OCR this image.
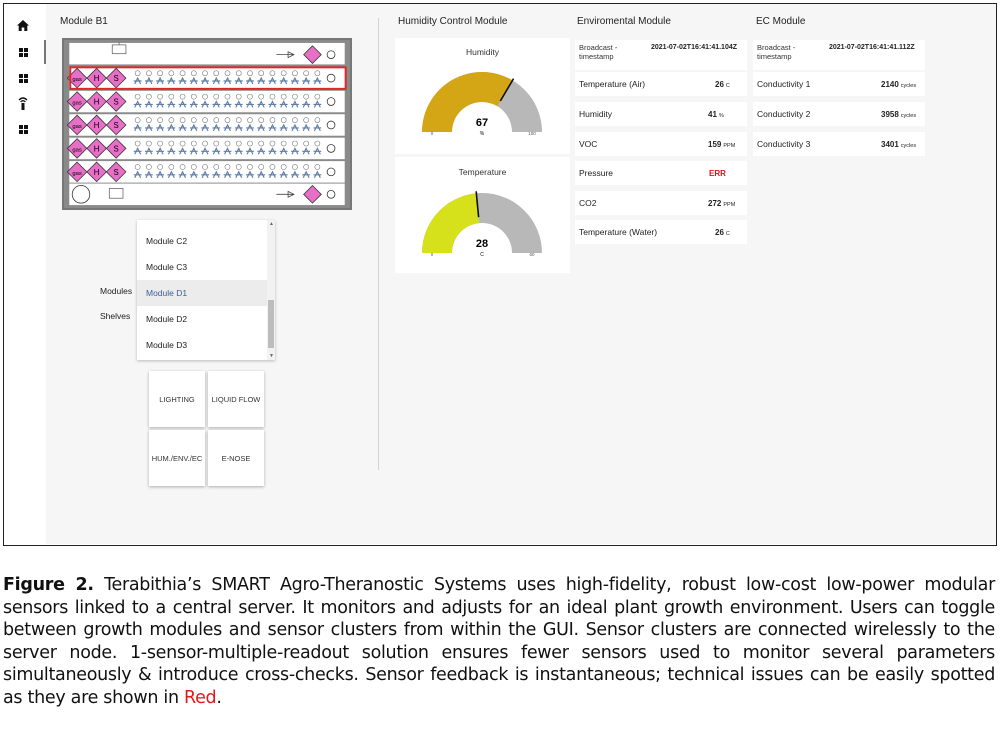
Module B1
gas H S
gas H S
gas H S
gas H S
gas H S
Module C2
Module C3
Module D1
Module D2
Module D3
▲
▼
Modules
Shelves
LIGHTING	LIQUID FLOW
HUM./ENV./EC	E-NOSE
Humidity Control Module
Humidity
67
%
0	100
Temperature
28
C
0	60
Enviromental Module
Broadcast - timestamp
2021-07-02T16:41:41.104Z
Temperature (Air)	26 C
Humidity	41 %
VOC	159 PPM
Pressure	ERR
CO2	272 PPM
Temperature (Water)	26 C
EC Module
Broadcast - timestamp
2021-07-02T16:41:41.112Z
Conductivity 1	2140 cycles
Conductivity 2	3958 cycles
Conductivity 3	3401 cycles
Figure 2. Terabithia’s SMART Agro-Theranostic Systems uses high-fidelity, robust low-cost low-power modular sensors linked to a central server. It monitors and adjusts for an ideal plant growth environment. Users can toggle between growth modules and sensor clusters from within the GUI. Sensor clusters are connected wirelessly to the server node. 1-sensor-multiple-readout solution ensures fewer sensors used to monitor several parameters simultaneously & introduce cross-checks. Sensor feedback is instantaneous; technical issues can be easily spotted as they are shown in Red.
